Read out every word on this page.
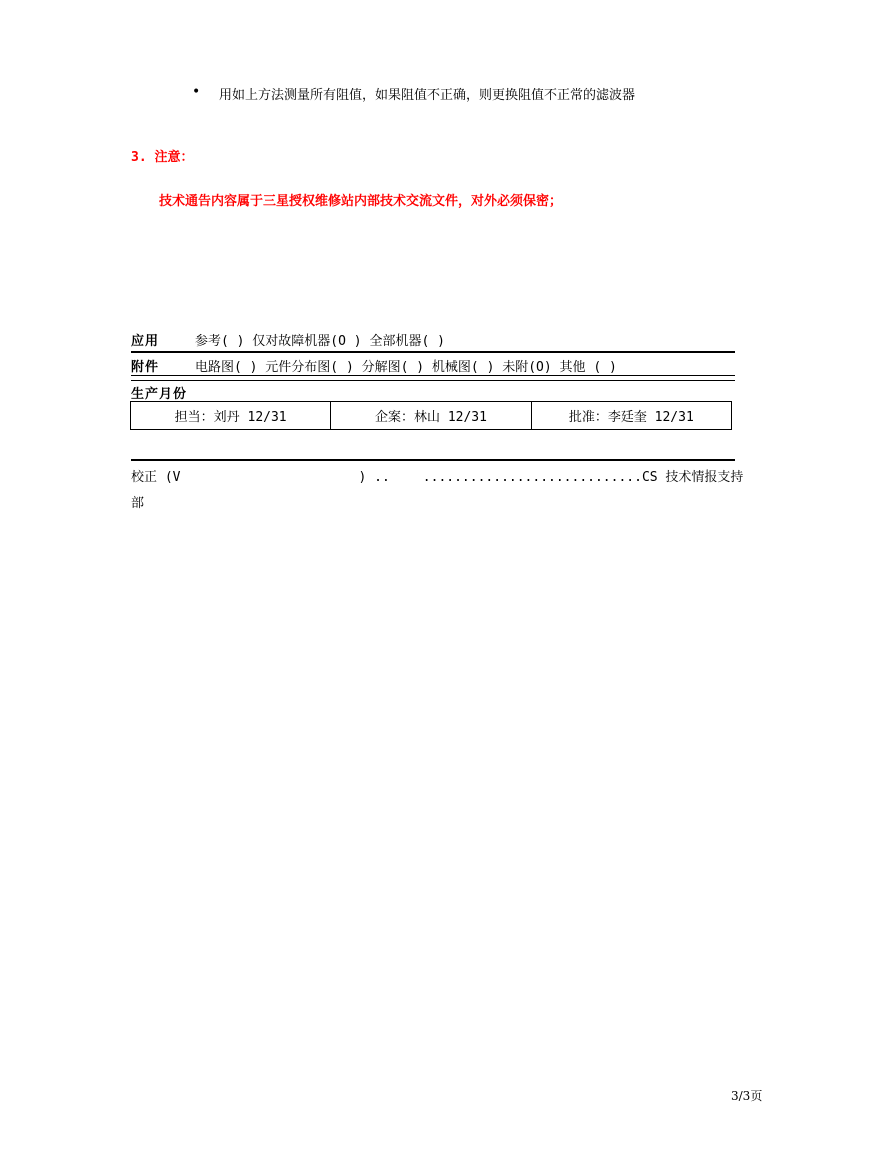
• 用如上方法测量所有阻值，如果阻值不正确，则更换阻值不正常的滤波器
3. 注意：
技术通告内容属于三星授权维修站内部技术交流文件，对外必须保密；
应用	参考( ) 仅对故障机器(O ) 全部机器( )
附件	电路图( ) 元件分布图( ) 分解图( ) 机械图( ) 未附(O) 其他 ( )
生产月份
担当：刘丹 12/31	企案：林山 12/31	批准：李廷奎 12/31
校正 (V	) ..	............................CS 技术情报支持
部
3/3页
